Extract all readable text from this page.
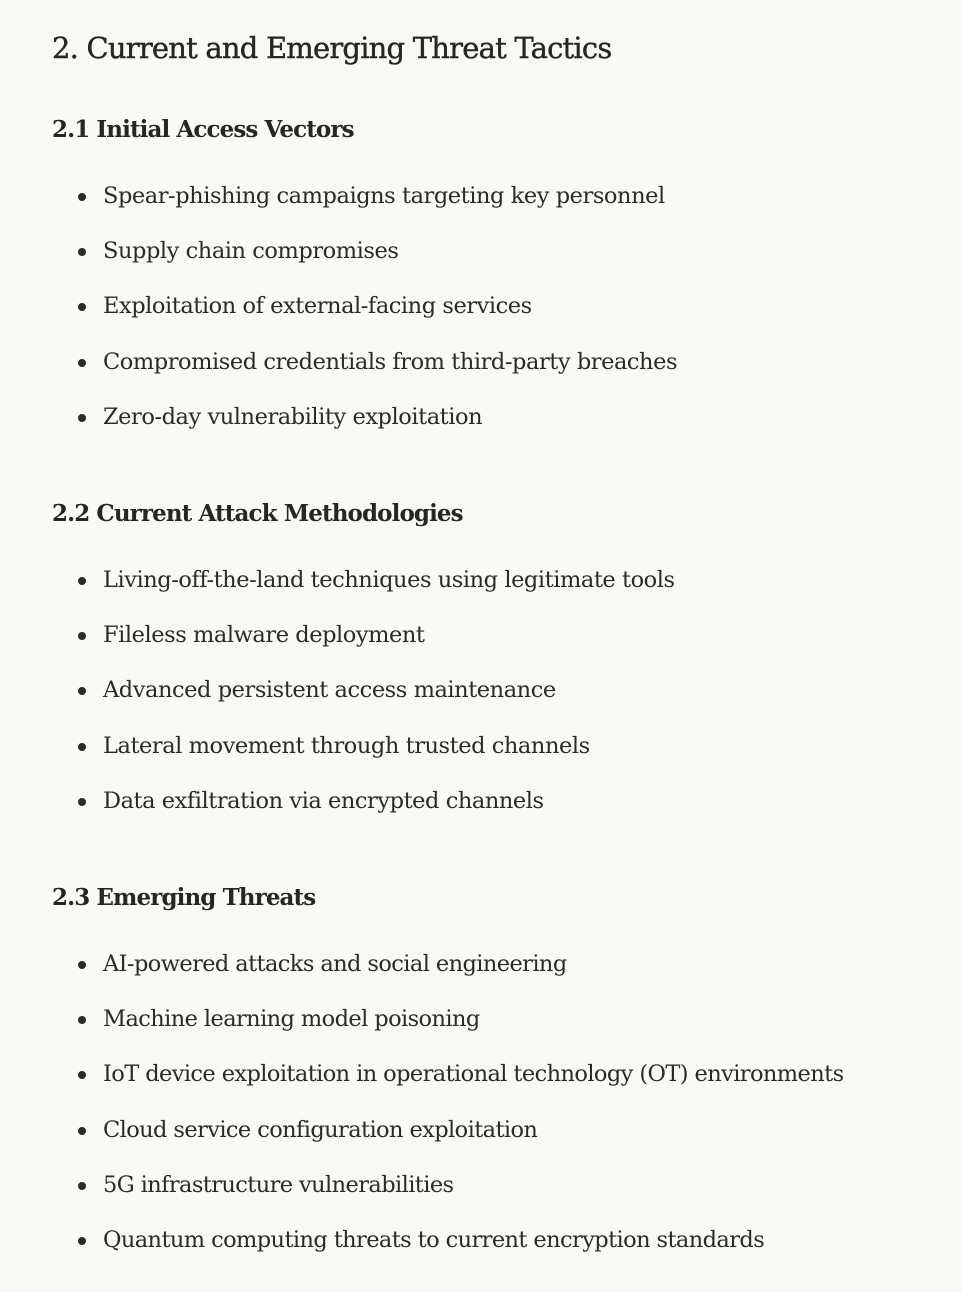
2. Current and Emerging Threat Tactics
2.1 Initial Access Vectors
Spear-phishing campaigns targeting key personnel
Supply chain compromises
Exploitation of external-facing services
Compromised credentials from third-party breaches
Zero-day vulnerability exploitation
2.2 Current Attack Methodologies
Living-off-the-land techniques using legitimate tools
Fileless malware deployment
Advanced persistent access maintenance
Lateral movement through trusted channels
Data exfiltration via encrypted channels
2.3 Emerging Threats
AI-powered attacks and social engineering
Machine learning model poisoning
IoT device exploitation in operational technology (OT) environments
Cloud service configuration exploitation
5G infrastructure vulnerabilities
Quantum computing threats to current encryption standards
